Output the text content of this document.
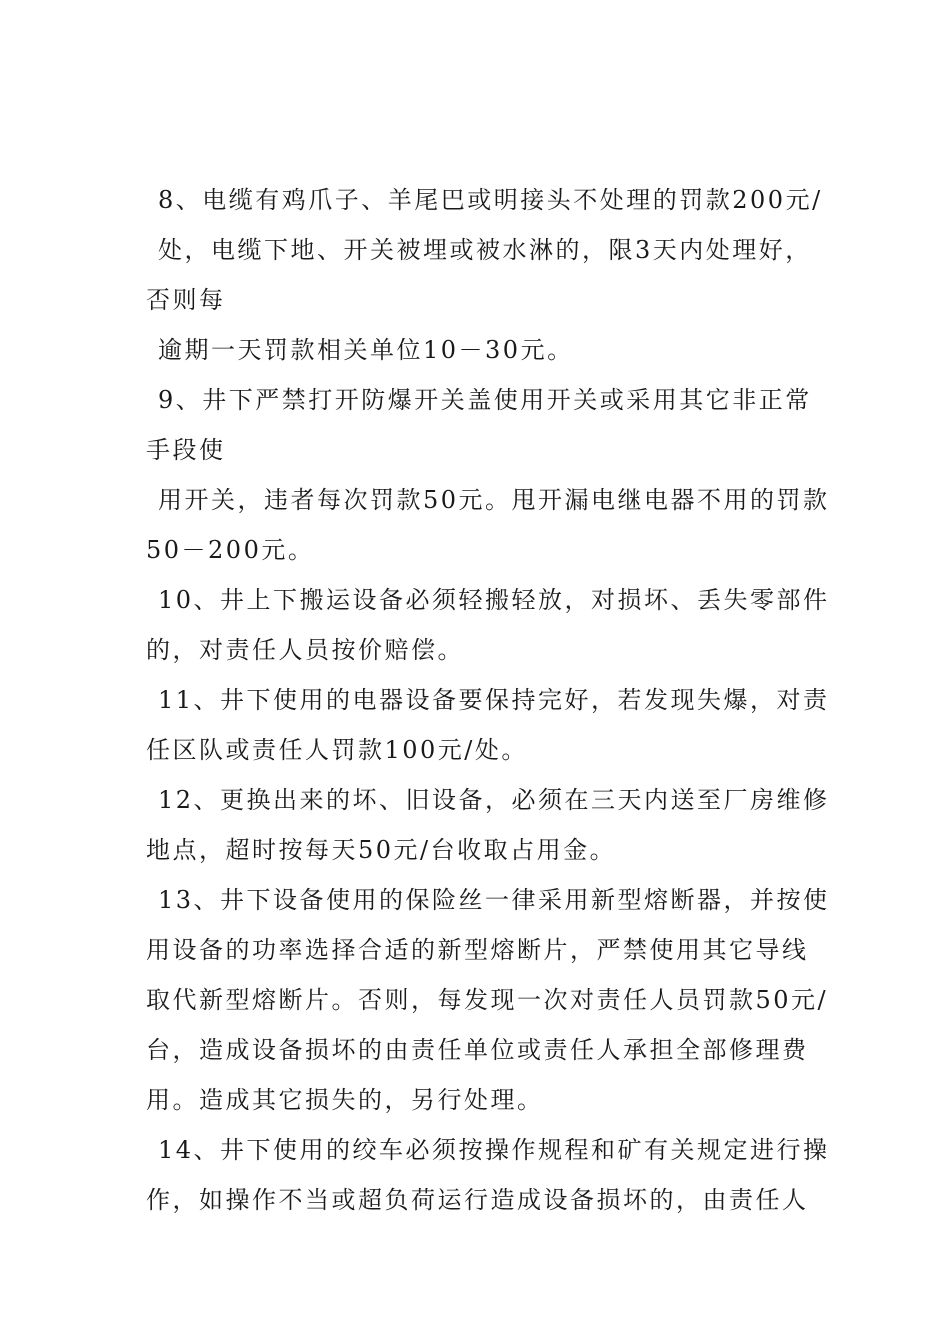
8、电缆有鸡爪子、羊尾巴或明接头不处理的罚款200元/
处，电缆下地、开关被埋或被水淋的，限3天内处理好，
否则每
逾期一天罚款相关单位10－30元。
9、井下严禁打开防爆开关盖使用开关或采用其它非正常
手段使
用开关，违者每次罚款50元。甩开漏电继电器不用的罚款
50－200元。
10、井上下搬运设备必须轻搬轻放，对损坏、丢失零部件
的，对责任人员按价赔偿。
11、井下使用的电器设备要保持完好，若发现失爆，对责
任区队或责任人罚款100元/处。
12、更换出来的坏、旧设备，必须在三天内送至厂房维修
地点，超时按每天50元/台收取占用金。
13、井下设备使用的保险丝一律采用新型熔断器，并按使
用设备的功率选择合适的新型熔断片，严禁使用其它导线
取代新型熔断片。否则，每发现一次对责任人员罚款50元/
台，造成设备损坏的由责任单位或责任人承担全部修理费
用。造成其它损失的，另行处理。
14、井下使用的绞车必须按操作规程和矿有关规定进行操
作，如操作不当或超负荷运行造成设备损坏的，由责任人
